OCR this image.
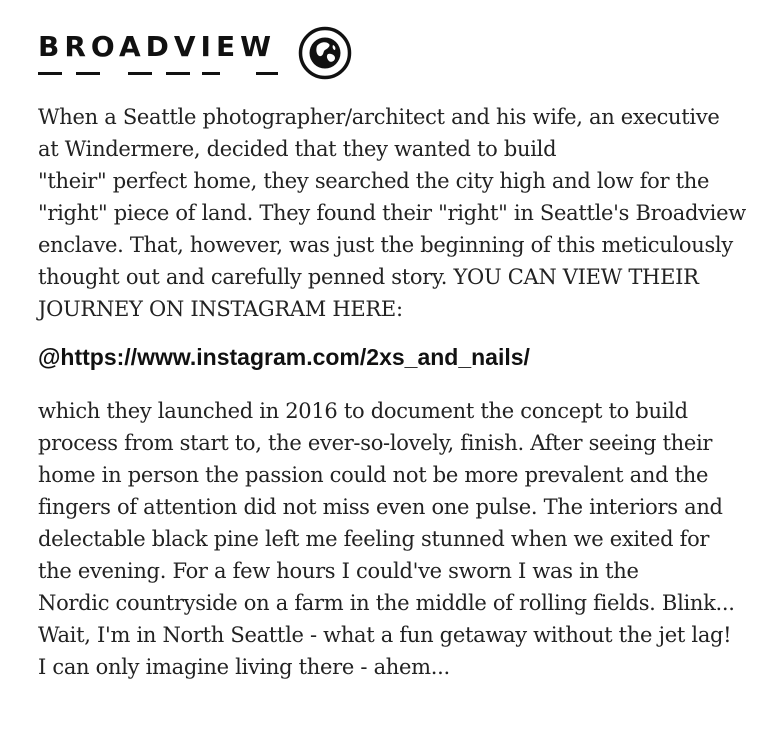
BROADVIEW
When a Seattle photographer/architect and his wife, an executive
at Windermere, decided that they wanted to build
"their" perfect home, they searched the city high and low for the
"right" piece of land. They found their "right" in Seattle's Broadview
enclave. That, however, was just the beginning of this meticulously
thought out and carefully penned story. YOU CAN VIEW THEIR
JOURNEY ON INSTAGRAM HERE:
@https://www.instagram.com/2xs_and_nails/
which they launched in 2016 to document the concept to build
process from start to, the ever-so-lovely, finish. After seeing their
home in person the passion could not be more prevalent and the
fingers of attention did not miss even one pulse. The interiors and
delectable black pine left me feeling stunned when we exited for
the evening. For a few hours I could've sworn I was in the
Nordic countryside on a farm in the middle of rolling fields. Blink...
Wait, I'm in North Seattle - what a fun getaway without the jet lag!
I can only imagine living there - ahem...
